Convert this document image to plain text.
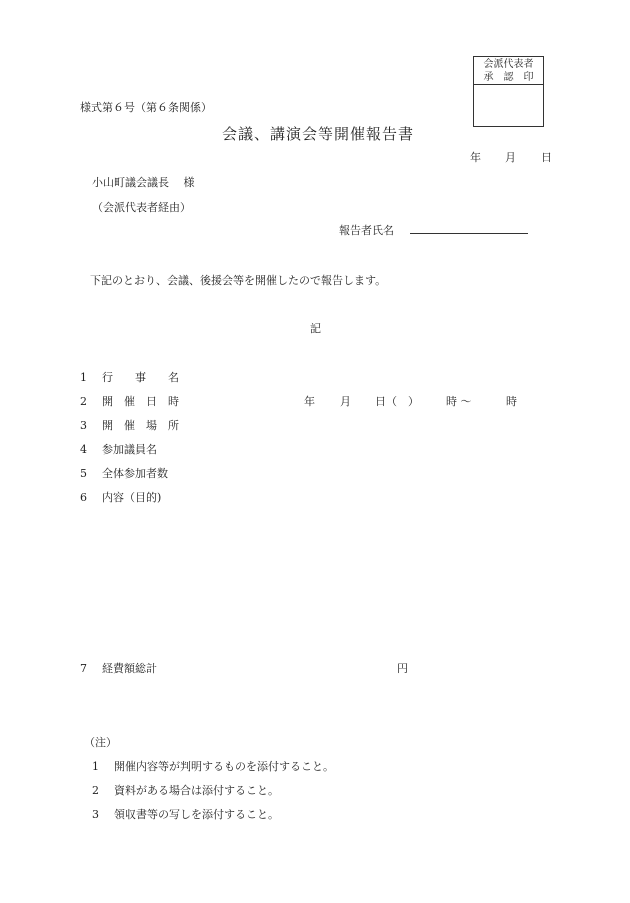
会派代表者
承　認　印
様式第６号（第６条関係）
会議、講演会等開催報告書
年 月 日
小山町議会議長　 様
（会派代表者経由）
報告者氏名
下記のとおり、会議、後援会等を開催したので報告します。
記
1 行　　事　　名
2 開　催　日　時	年 月 日（　） 時 ～	時
3 開　催　場　所
4 参加議員名
5 全体参加者数
6 内容（目的)
7 経費額総計	円
（注）
1 開催内容等が判明するものを添付すること。
2 資料がある場合は添付すること。
3 領収書等の写しを添付すること。
